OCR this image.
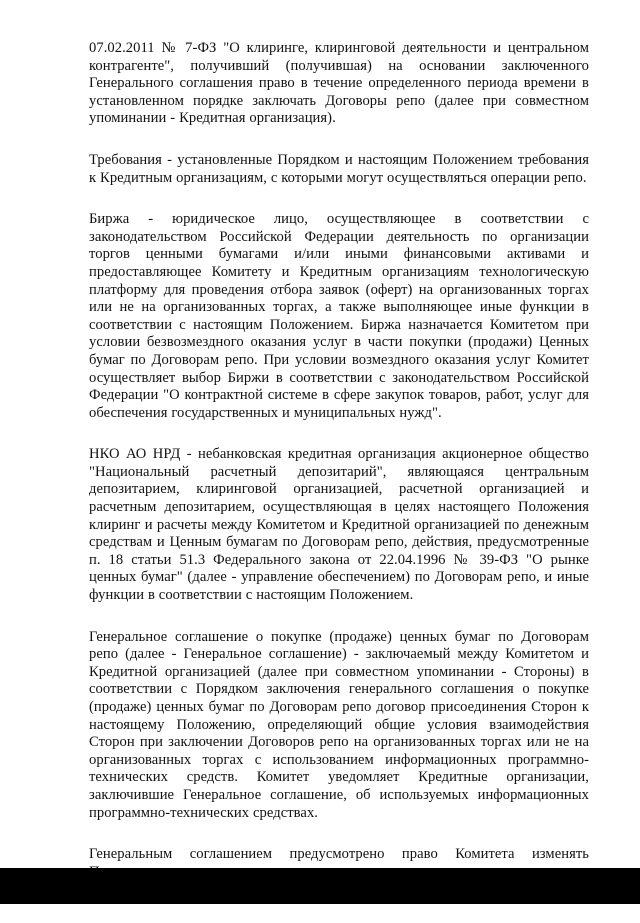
07.02.2011 № 7-ФЗ "О клиринге, клиринговой деятельности и центральном контрагенте", получивший (получившая) на основании заключенного Генерального соглашения право в течение определенного периода времени в установленном порядке заключать Договоры репо (далее при совместном упоминании - Кредитная организация).

Требования - установленные Порядком и настоящим Положением требования к Кредитным организациям, с которыми могут осуществляться операции репо.

Биржа - юридическое лицо, осуществляющее в соответствии с законодательством Российской Федерации деятельность по организации торгов ценными бумагами и/или иными финансовыми активами и предоставляющее Комитету и Кредитным организациям технологическую платформу для проведения отбора заявок (оферт) на организованных торгах или не на организованных торгах, а также выполняющее иные функции в соответствии с настоящим Положением. Биржа назначается Комитетом при условии безвозмездного оказания услуг в части покупки (продажи) Ценных бумаг по Договорам репо. При условии возмездного оказания услуг Комитет осуществляет выбор Биржи в соответствии с законодательством Российской Федерации "О контрактной системе в сфере закупок товаров, работ, услуг для обеспечения государственных и муниципальных нужд".

НКО АО НРД - небанковская кредитная организация акционерное общество "Национальный расчетный депозитарий", являющаяся центральным депозитарием, клиринговой организацией, расчетной организацией и расчетным депозитарием, осуществляющая в целях настоящего Положения клиринг и расчеты между Комитетом и Кредитной организацией по денежным средствам и Ценным бумагам по Договорам репо, действия, предусмотренные п. 18 статьи 51.3 Федерального закона от 22.04.1996 № 39-ФЗ "О рынке ценных бумаг" (далее - управление обеспечением) по Договорам репо, и иные функции в соответствии с настоящим Положением.

Генеральное соглашение о покупке (продаже) ценных бумаг по Договорам репо (далее - Генеральное соглашение) - заключаемый между Комитетом и Кредитной организацией (далее при совместном упоминании - Стороны) в соответствии с Порядком заключения генерального соглашения о покупке (продаже) ценных бумаг по Договорам репо договор присоединения Сторон к настоящему Положению, определяющий общие условия взаимодействия Сторон при заключении Договоров репо на организованных торгах или не на организованных торгах с использованием информационных программно-технических средств. Комитет уведомляет Кредитные организации, заключившие Генеральное соглашение, об используемых информационных программно-технических средствах.

Генеральным соглашением предусмотрено право Комитета изменять
